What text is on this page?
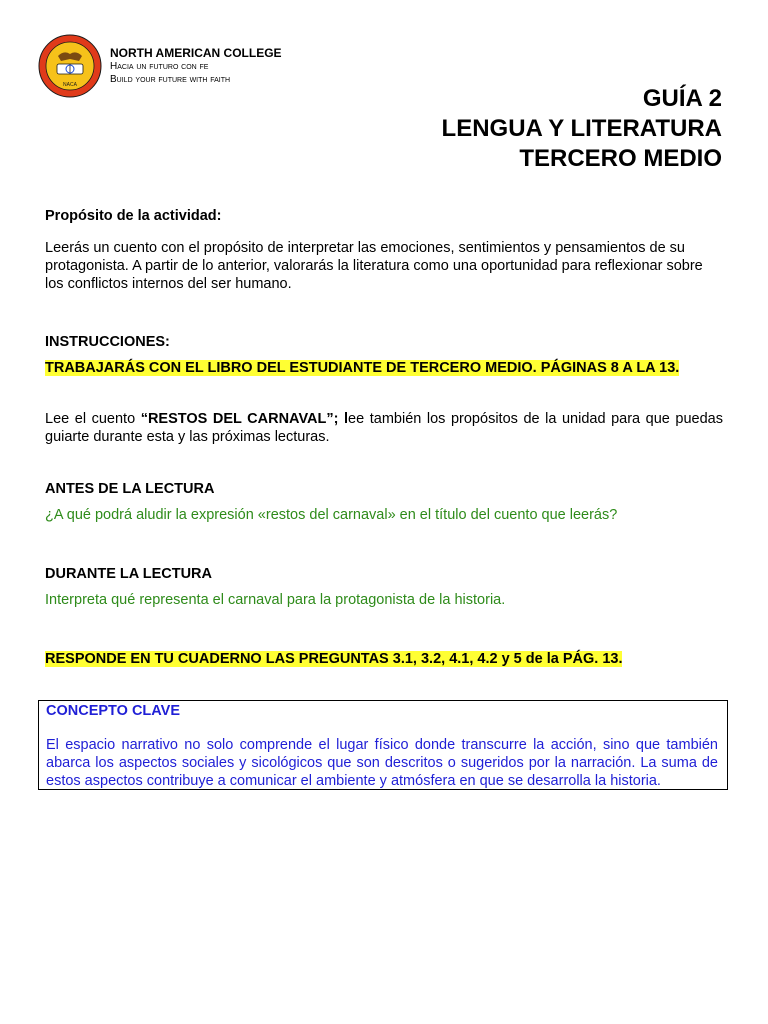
NACA
NORTH AMERICAN COLLEGE
Hacia un futuro con fe
Build your future with faith
GUÍA 2
LENGUA Y LITERATURA
TERCERO MEDIO
Propósito de la actividad:
Leerás un cuento con el propósito de interpretar las emociones, sentimientos y pensamientos de su protagonista. A partir de lo anterior, valorarás la literatura como una oportunidad para reflexionar sobre los conflictos internos del ser humano.
INSTRUCCIONES:
TRABAJARÁS CON EL LIBRO DEL ESTUDIANTE DE TERCERO MEDIO. PÁGINAS 8 A LA 13.
Lee el cuento “RESTOS DEL CARNAVAL”; lee también los propósitos de la unidad para que puedas guiarte durante esta y las próximas lecturas.
ANTES DE LA LECTURA
¿A qué podrá aludir la expresión «restos del carnaval» en el título del cuento que leerás?
DURANTE LA LECTURA
Interpreta qué representa el carnaval para la protagonista de la historia.
RESPONDE EN TU CUADERNO LAS PREGUNTAS 3.1, 3.2, 4.1, 4.2 y 5 de la PÁG. 13.
CONCEPTO CLAVE
El espacio narrativo no solo comprende el lugar físico donde transcurre la acción, sino que también abarca los aspectos sociales y sicológicos que son descritos o sugeridos por la narración. La suma de estos aspectos contribuye a comunicar el ambiente y atmósfera en que se desarrolla la historia.
